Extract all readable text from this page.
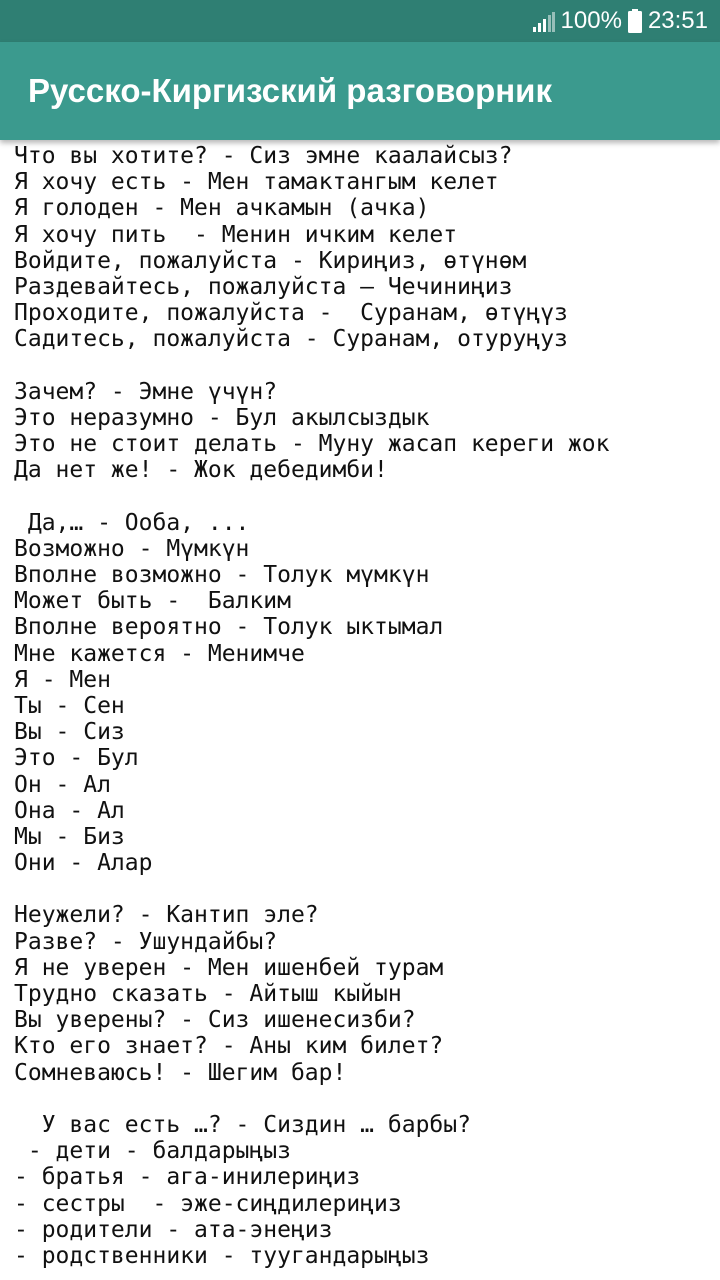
100% 23:51
Русско-Киргизский разговорник
Что вы хотите? - Сиз эмне каалайсыз?
Я хочу есть - Мен тамактангым келет
Я голоден - Мен ачкамын (ачка)
Я хочу пить  - Менин ичким келет
Войдите, пожалуйста - Кириңиз, өтүнөм
Раздевайтесь, пожалуйста – Чечиниңиз
Проходите, пожалуйста -  Суранам, өтүңүз
Садитесь, пожалуйста - Суранам, отуруңуз
Зачем? - Эмне үчүн?
Это неразумно - Бул акылсыздык
Это не стоит делать - Муну жасап кереги жок
Да нет же! - Жок дебедимби!
Да,… - Ооба, ...
Возможно - Мүмкүн
Вполне возможно - Толук мүмкүн
Может быть -  Балким
Вполне вероятно - Толук ыктымал
Мне кажется - Менимче
Я - Мен
Ты - Сен
Вы - Сиз
Это - Бул
Он - Ал
Она - Ал
Мы - Биз
Они - Алар
Неужели? - Кантип эле?
Разве? - Ушундайбы?
Я не уверен - Мен ишенбей турам
Трудно сказать - Айтыш кыйын
Вы уверены? - Сиз ишенесизби?
Кто его знает? - Аны ким билет?
Сомневаюсь! - Шегим бар!
У вас есть …? - Сиздин … барбы?
- дети - балдарыңыз
- братья - ага-инилериңиз
- сестры  - эже-сиңдилериңиз
- родители - ата-энеңиз
- родственники - туугандарыңыз
